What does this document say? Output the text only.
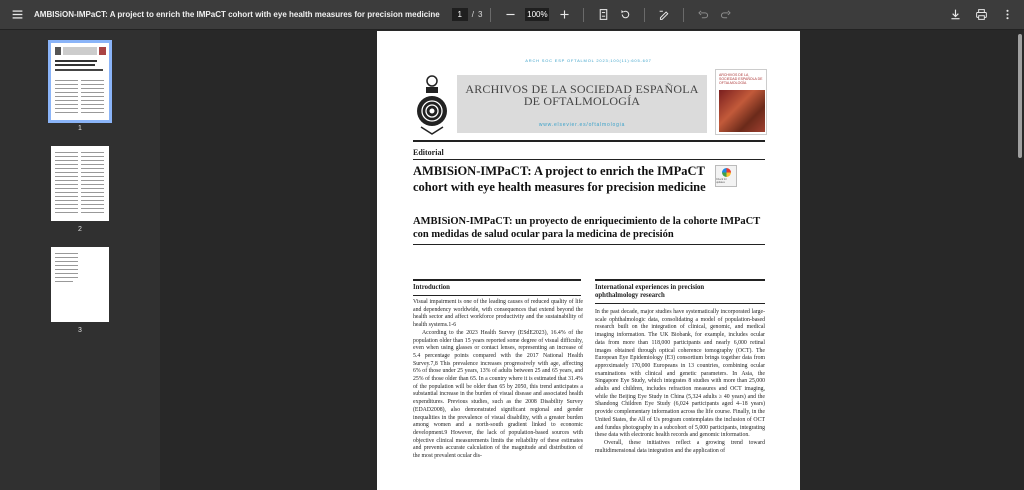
AMBISiON-IMPaCT: A project to enrich the IMPaCT cohort with eye health measures for precision medicine	1	/ 3	100%
1
2
3
ARCH SOC ESP OFTALMOL 2023;100(11):605-607
ARCHIVOS DE LA SOCIEDAD ESPAÑOLA DE OFTALMOLOGÍA
www.elsevier.es/oftalmologia
ARCHIVOS DE LA SOCIEDAD ESPAÑOLA DE OFTALMOLOGÍA
Editorial
AMBISiON-IMPaCT: A project to enrich the IMPaCT cohort with eye health measures for precision medicine
Check for updates
AMBISiON-IMPaCT: un proyecto de enriquecimiento de la cohorte IMPaCT con medidas de salud ocular para la medicina de precisión
Introduction

Visual impairment is one of the leading causes of reduced quality of life and dependency worldwide, with consequences that extend beyond the health sector and affect workforce productivity and the sustainability of health systems.1-6

According to the 2023 Health Survey (ESdE2023), 16.4% of the population older than 15 years reported some degree of visual difficulty, even when using glasses or contact lenses, representing an increase of 5.4 percentage points compared with the 2017 National Health Survey.7,8 This prevalence increases progressively with age, affecting 6% of those under 25 years, 13% of adults between 25 and 65 years, and 25% of those older than 65. In a country where it is estimated that 31.4% of the population will be older than 65 by 2050, this trend anticipates a substantial increase in the burden of visual disease and associated health expenditures. Previous studies, such as the 2008 Disability Survey (EDAD2008), also demonstrated significant regional and gender inequalities in the prevalence of visual disability, with a greater burden among women and a north-south gradient linked to economic development.9 However, the lack of population-based sources with objective clinical measurements limits the reliability of these estimates and prevents accurate calculation of the magnitude and distribution of the most prevalent ocular dis-

International experiences in precision ophthalmology research

In the past decade, major studies have systematically incorporated large-scale ophthalmologic data, consolidating a model of population-based research built on the integration of clinical, genomic, and medical imaging information. The UK Biobank, for example, includes ocular data from more than 118,000 participants and nearly 6,000 retinal images obtained through optical coherence tomography (OCT). The European Eye Epidemiology (E3) consortium brings together data from approximately 170,000 Europeans in 13 countries, combining ocular examinations with clinical and genetic parameters. In Asia, the Singapore Eye Study, which integrates 8 studies with more than 25,000 adults and children, includes refraction measures and OCT imaging, while the Beijing Eye Study in China (5,324 adults ≥ 40 years) and the Shandong Children Eye Study (6,024 participants aged 4–18 years) provide complementary information across the life course. Finally, in the United States, the All of Us program contemplates the inclusion of OCT and fundus photography in a subcohort of 5,000 participants, integrating these data with electronic health records and genomic information.

Overall, these initiatives reflect a growing trend toward multidimensional data integration and the application of
